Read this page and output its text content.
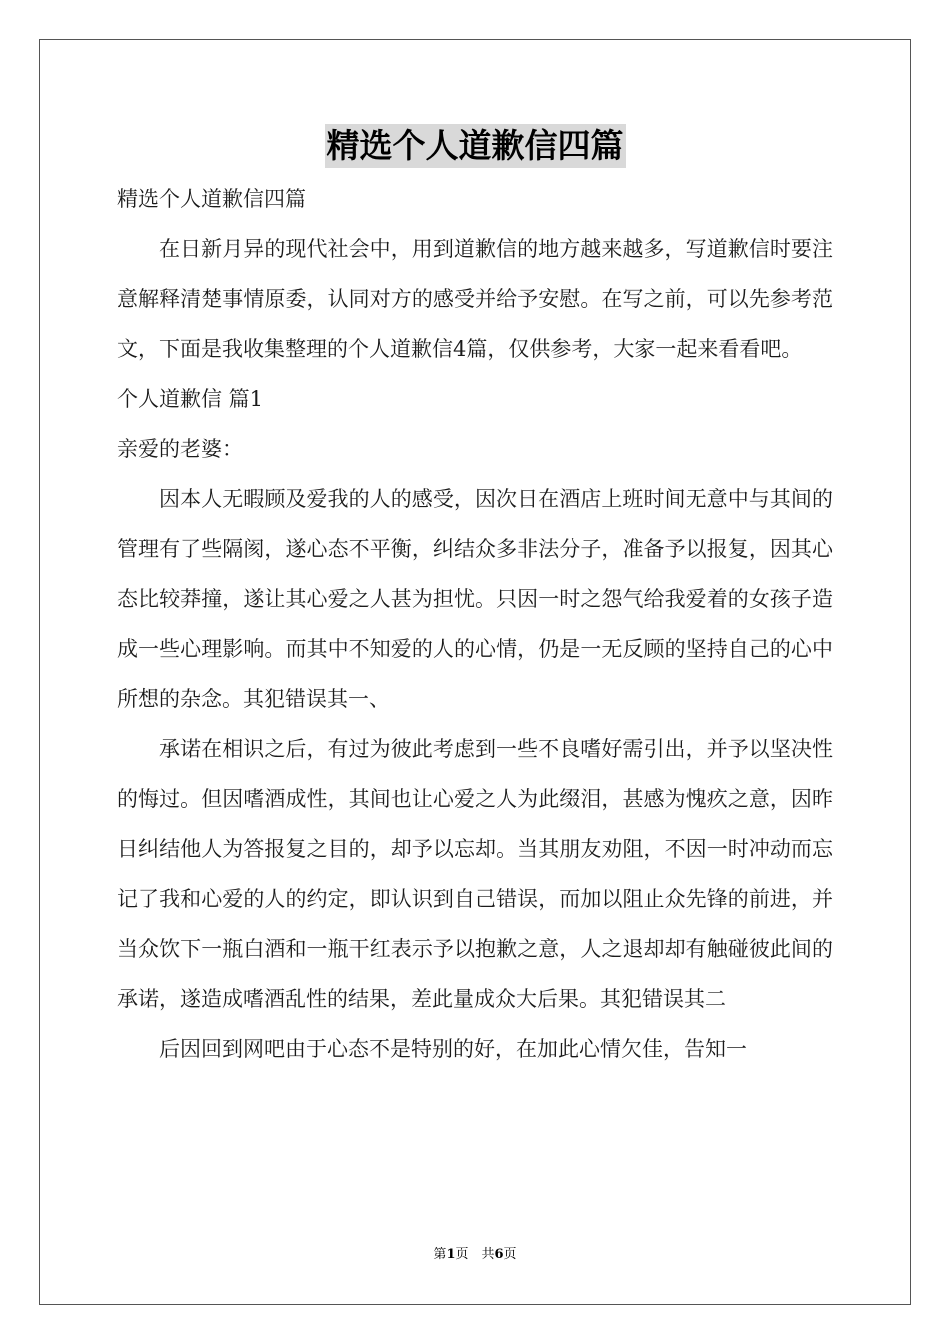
精选个人道歉信四篇

精选个人道歉信四篇

在日新月异的现代社会中，用到道歉信的地方越来越多，写道歉信时要注意解释清楚事情原委，认同对方的感受并给予安慰。在写之前，可以先参考范文，下面是我收集整理的个人道歉信4篇，仅供参考，大家一起来看看吧。

个人道歉信 篇1

亲爱的老婆：

因本人无暇顾及爱我的人的感受，因次日在酒店上班时间无意中与其间的管理有了些隔阂，遂心态不平衡，纠结众多非法分子，准备予以报复，因其心态比较莽撞，遂让其心爱之人甚为担忧。只因一时之怨气给我爱着的女孩子造成一些心理影响。而其中不知爱的人的心情，仍是一无反顾的坚持自己的心中所想的杂念。其犯错误其一、

承诺在相识之后，有过为彼此考虑到一些不良嗜好需引出，并予以坚决性的悔过。但因嗜酒成性，其间也让心爱之人为此缀泪，甚感为愧疚之意，因昨日纠结他人为答报复之目的，却予以忘却。当其朋友劝阻，不因一时冲动而忘记了我和心爱的人的约定，即认识到自己错误，而加以阻止众先锋的前进，并当众饮下一瓶白酒和一瓶干红表示予以抱歉之意，人之退却却有触碰彼此间的承诺，遂造成嗜酒乱性的结果，差此量成众大后果。其犯错误其二

后因回到网吧由于心态不是特别的好，在加此心情欠佳，告知一

第1页　共6页
